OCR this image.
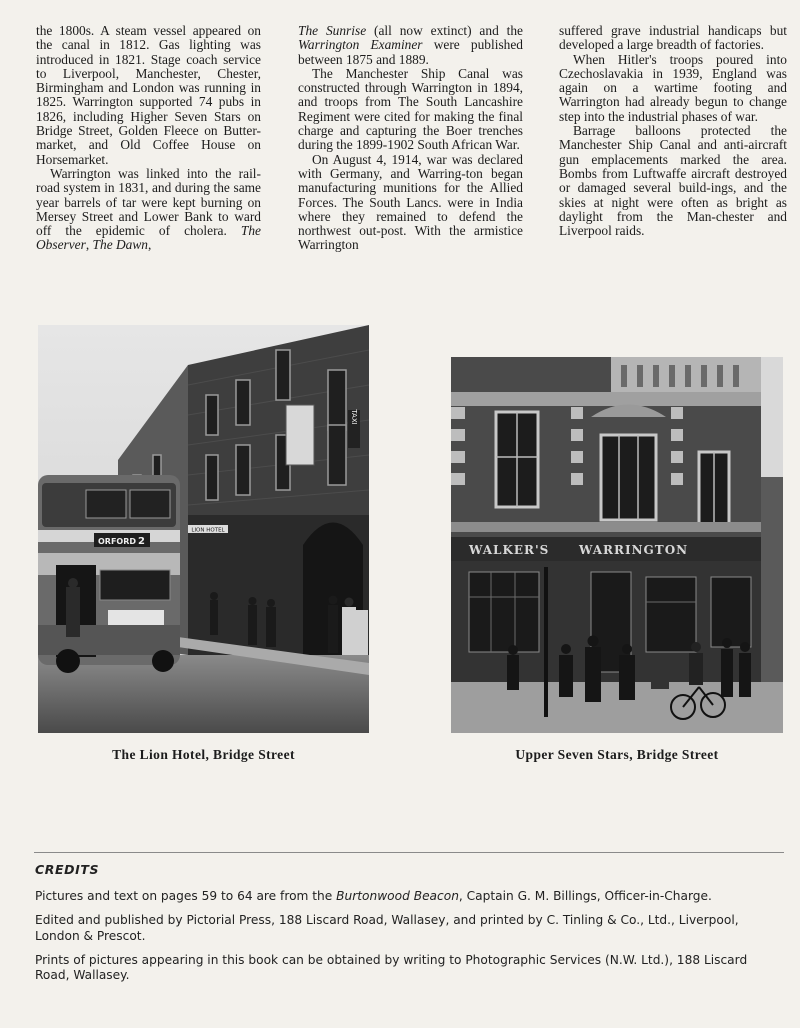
the 1800s. A steam vessel appeared on the canal in 1812. Gas lighting was introduced in 1821. Stage coach service to Liverpool, Manchester, Chester, Birmingham and London was running in 1825. Warrington supported 74 pubs in 1826, including Higher Seven Stars on Bridge Street, Golden Fleece on Butter-market, and Old Coffee House on Horsemarket.

Warrington was linked into the rail-road system in 1831, and during the same year barrels of tar were kept burning on Mersey Street and Lower Bank to ward off the epidemic of cholera. The Observer, The Dawn,

The Sunrise (all now extinct) and the Warrington Examiner were published between 1875 and 1889.

The Manchester Ship Canal was constructed through Warrington in 1894, and troops from The South Lancashire Regiment were cited for making the final charge and capturing the Boer trenches during the 1899-1902 South African War.

On August 4, 1914, war was declared with Germany, and Warring-ton began manufacturing munitions for the Allied Forces. The South Lancs. were in India where they remained to defend the northwest out-post. With the armistice Warrington

suffered grave industrial handicaps but developed a large breadth of factories.

When Hitler's troops poured into Czechoslavakia in 1939, England was again on a wartime footing and Warrington had already begun to change step into the industrial phases of war.

Barrage balloons protected the Manchester Ship Canal and anti-aircraft gun emplacements marked the area. Bombs from Luftwaffe aircraft destroyed or damaged several build-ings, and the skies at night were often as bright as daylight from the Man-chester and Liverpool raids.

TAXI
LION HOTEL
ORFORD 2
WALKER'S WARRINGTON
The Lion Hotel, Bridge Street	Upper Seven Stars, Bridge Street
CREDITS

Pictures and text on pages 59 to 64 are from the Burtonwood Beacon, Captain G. M. Billings, Officer-in-Charge.

Edited and published by Pictorial Press, 188 Liscard Road, Wallasey, and printed by C. Tinling & Co., Ltd., Liverpool, London & Prescot.

Prints of pictures appearing in this book can be obtained by writing to Photographic Services (N.W. Ltd.), 188 Liscard Road, Wallasey.
